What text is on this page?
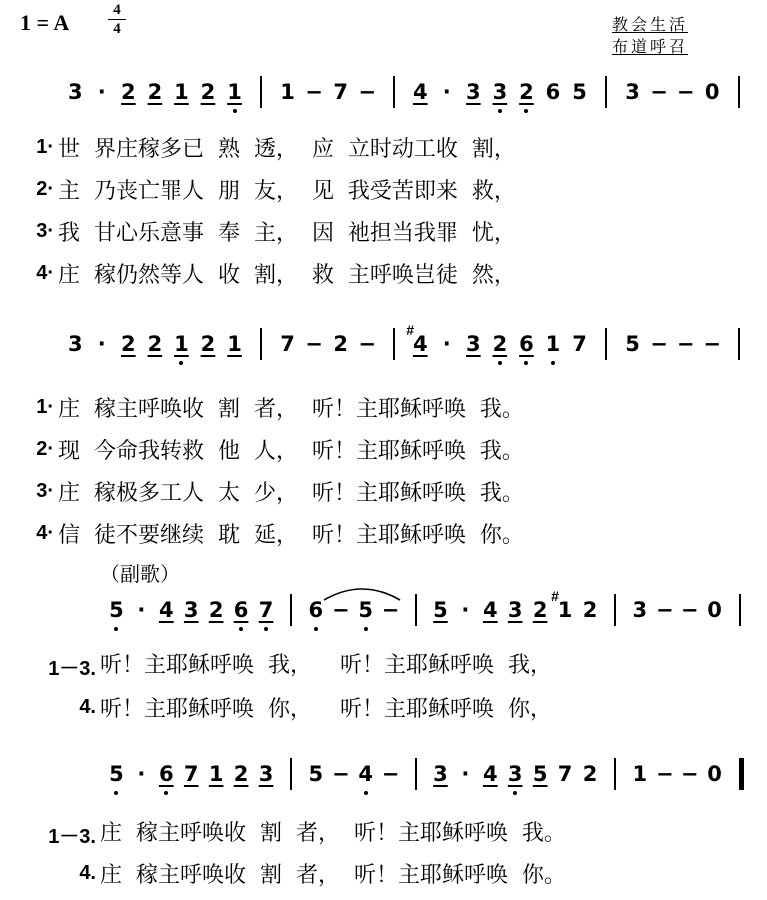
1 = A	4
4	教会生活
布道呼召
3 · 2 2 1 2 1 1 − 7 − 4 · 3 3 2 6 5 3 − − 0
3 · 2 2 1 2 1 7 − 2 −
#
4 · 3 2 6 1 7 5 − − −
5 · 4 3 2 6 7 6 − 5 − 5 · 4 3 2
#
1 2 3 − − 0
5 · 6 7 1 2 3 5 − 4 − 3 · 4 3 5 7 2 1 − − 0
（副歌）
1· 世  界庄稼多已  熟  透，  应  立时动工收  割，
2· 主  乃丧亡罪人  朋  友，  见  我受苦即来  救，
3· 我  甘心乐意事  奉  主，  因  祂担当我罪  忧，
4· 庄  稼仍然等人  收  割，  救  主呼唤岂徒  然，
1· 庄  稼主呼唤收  割  者，  听！主耶稣呼唤  我。
2· 现  今命我转救  他  人，  听！主耶稣呼唤  我。
3· 庄  稼极多工人  太  少，  听！主耶稣呼唤  我。
4· 信  徒不要继续  耽  延，  听！主耶稣呼唤  你。
1－3. 听！主耶稣呼唤  我，    听！主耶稣呼唤  我，
4. 听！主耶稣呼唤  你，    听！主耶稣呼唤  你，
1－3. 庄  稼主呼唤收  割  者，  听！主耶稣呼唤  我。
4. 庄  稼主呼唤收  割  者，  听！主耶稣呼唤  你。
